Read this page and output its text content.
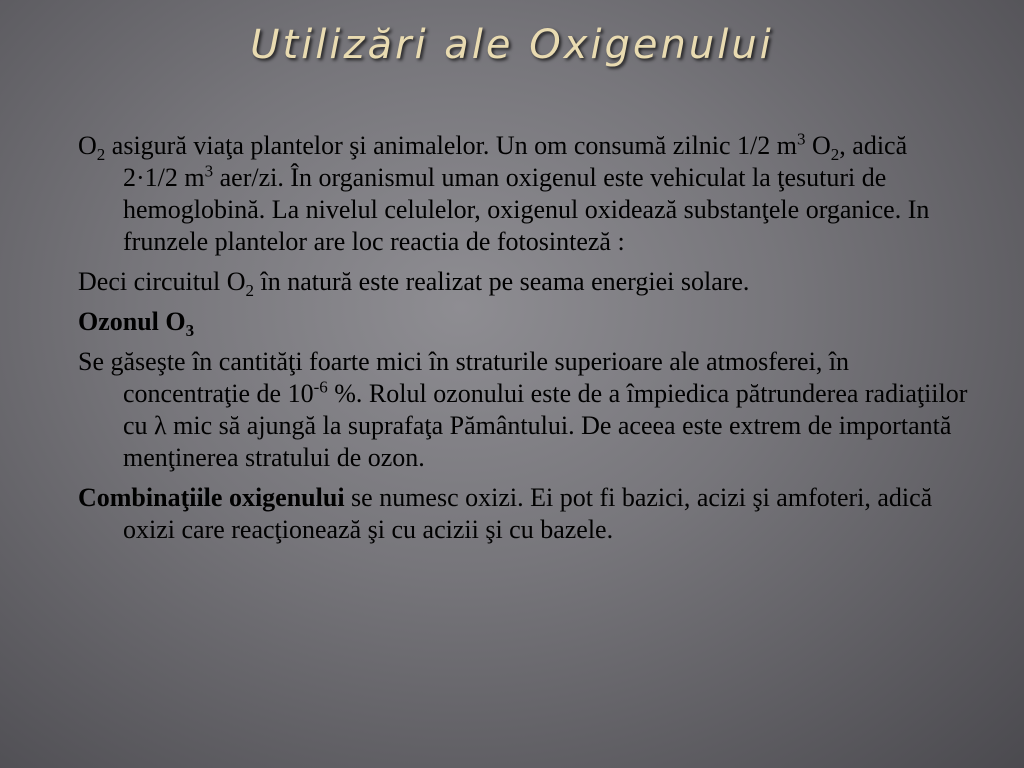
Utilizări ale Oxigenului

$O_2$ asigură viaţa plantelor şi animalelor. Un om consumă zilnic 1/2 $m^3$ $O_2$, adică 2·1/2 $m^3$ aer/zi. În organismul uman oxigenul este vehiculat la ţesuturi de hemoglobină. La nivelul celulelor, oxigenul oxidează substanţele organice. In frunzele plantelor are loc reactia de fotosinteză :

Deci circuitul $O_2$ în natură este realizat pe seama energiei solare.

Ozonul $O_3$

Se găseşte în cantităţi foarte mici în straturile superioare ale atmosferei, în concentraţie de $10^{-6}$ %. Rolul ozonului este de a împiedica pătrunderea radiaţiilor cu λ mic să ajungă la suprafaţa Pământului. De aceea este extrem de importantă menţinerea stratului de ozon.

Combinaţiile oxigenului se numesc oxizi. Ei pot fi bazici, acizi şi amfoteri, adică oxizi care reacţionează şi cu acizii şi cu bazele.
